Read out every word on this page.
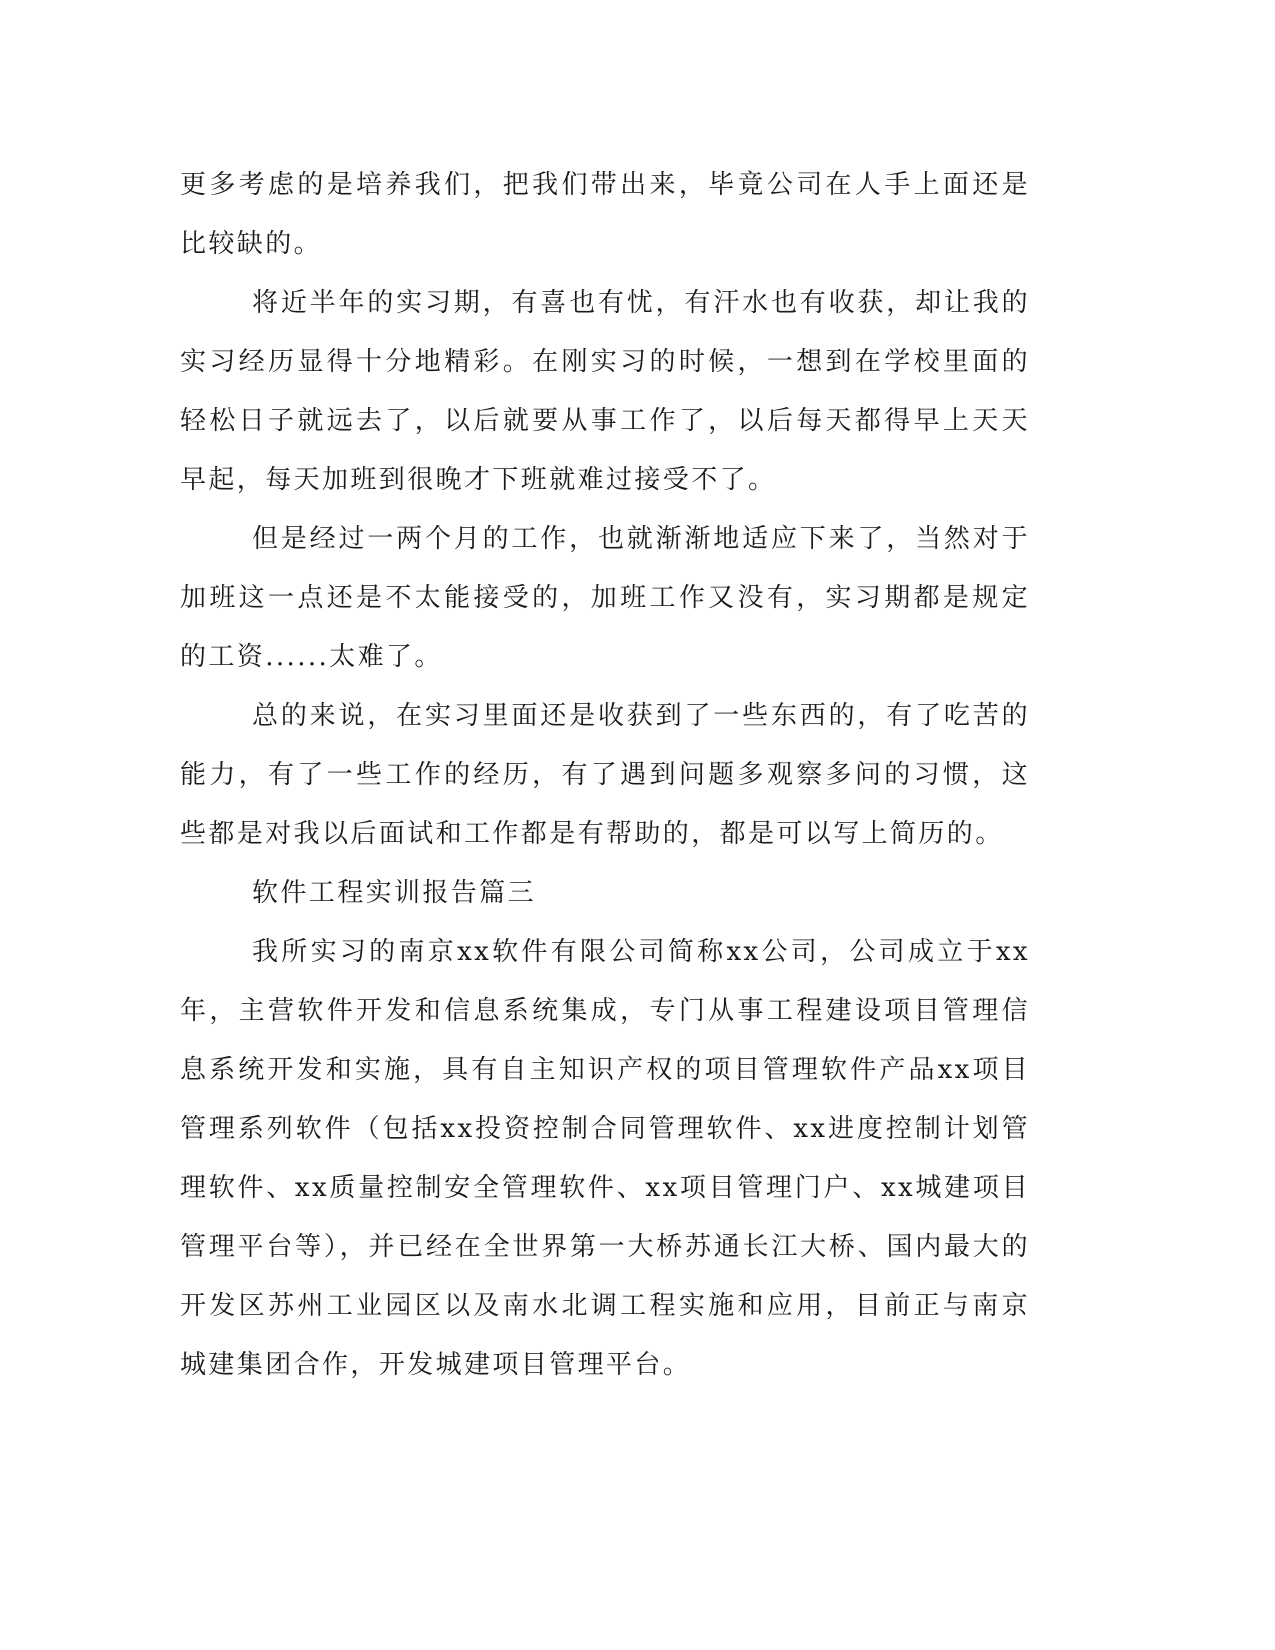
更多考虑的是培养我们，把我们带出来，毕竟公司在人手上面还是比较缺的。

将近半年的实习期，有喜也有忧，有汗水也有收获，却让我的实习经历显得十分地精彩。在刚实习的时候，一想到在学校里面的轻松日子就远去了，以后就要从事工作了，以后每天都得早上天天早起，每天加班到很晚才下班就难过接受不了。

但是经过一两个月的工作，也就渐渐地适应下来了，当然对于加班这一点还是不太能接受的，加班工作又没有，实习期都是规定的工资......太难了。

总的来说，在实习里面还是收获到了一些东西的，有了吃苦的能力，有了一些工作的经历，有了遇到问题多观察多问的习惯，这些都是对我以后面试和工作都是有帮助的，都是可以写上简历的。

软件工程实训报告篇三

我所实习的南京xx软件有限公司简称xx公司，公司成立于xx年，主营软件开发和信息系统集成，专门从事工程建设项目管理信息系统开发和实施，具有自主知识产权的项目管理软件产品xx项目管理系列软件（包括xx投资控制合同管理软件、xx进度控制计划管理软件、xx质量控制安全管理软件、xx项目管理门户、xx城建项目管理平台等），并已经在全世界第一大桥苏通长江大桥、国内最大的开发区苏州工业园区以及南水北调工程实施和应用，目前正与南京城建集团合作，开发城建项目管理平台。
